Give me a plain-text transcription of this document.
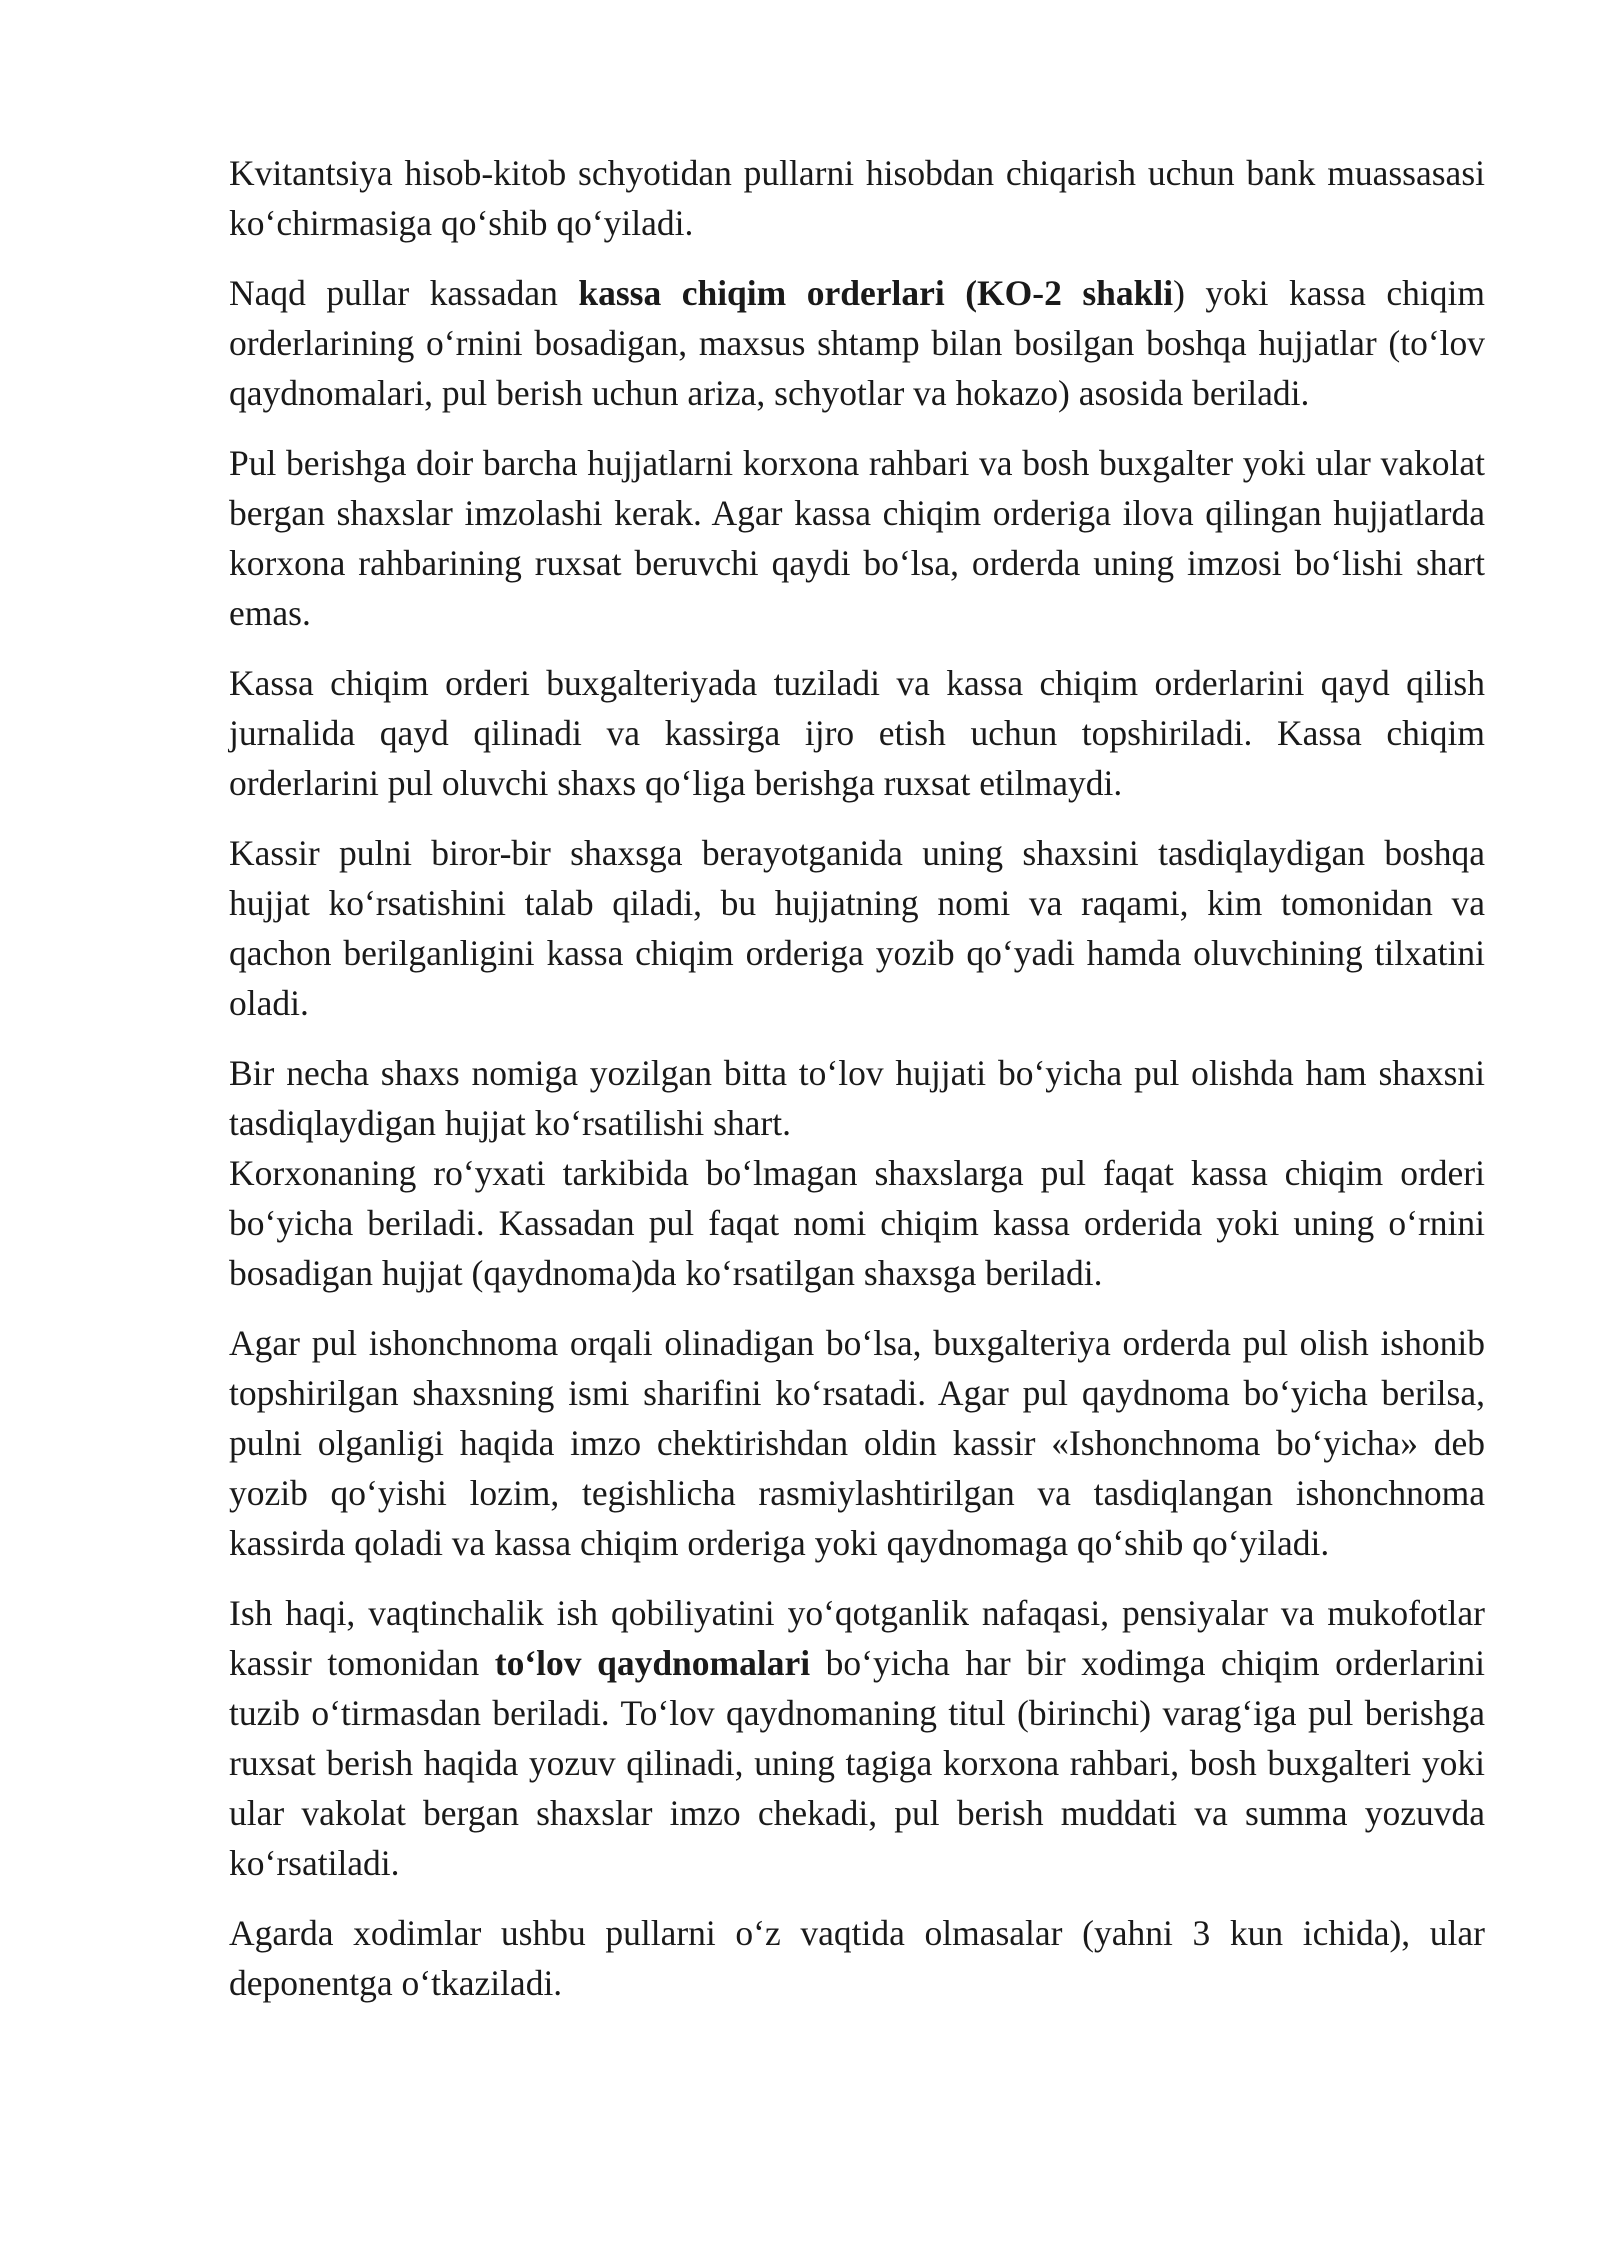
Kvitantsiya hisob-kitob schyotidan pullarni hisobdan chiqarish uchun bank muassasasi ko‘chirmasiga qo‘shib qo‘yiladi.

Naqd pullar kassadan kassa chiqim orderlari (KO-2 shakli) yoki kassa chiqim orderlarining o‘rnini bosadigan, maxsus shtamp bilan bosilgan boshqa hujjatlar (to‘lov qaydnomalari, pul berish uchun ariza, schyotlar va hokazo) asosida beriladi.

Pul berishga doir barcha hujjatlarni korxona rahbari va bosh buxgalter yoki ular vakolat bergan shaxslar imzolashi kerak. Agar kassa chiqim orderiga ilova qilingan hujjatlarda korxona rahbarining ruxsat beruvchi qaydi bo‘lsa, orderda uning imzosi bo‘lishi shart emas.

Kassa chiqim orderi buxgalteriyada tuziladi va kassa chiqim orderlarini qayd qilish jurnalida qayd qilinadi va kassirga ijro etish uchun topshiriladi. Kassa chiqim orderlarini pul oluvchi shaxs qo‘liga berishga ruxsat etilmaydi.

Kassir pulni biror-bir shaxsga berayotganida uning shaxsini tasdiqlaydigan boshqa hujjat ko‘rsatishini talab qiladi, bu hujjatning nomi va raqami, kim tomonidan va qachon berilganligini kassa chiqim orderiga yozib qo‘yadi hamda oluvchining tilxatini oladi.

Bir necha shaxs nomiga yozilgan bitta to‘lov hujjati bo‘yicha pul olishda ham shaxsni tasdiqlaydigan hujjat ko‘rsatilishi shart.

Korxonaning ro‘yxati tarkibida bo‘lmagan shaxslarga pul faqat kassa chiqim orderi bo‘yicha beriladi. Kassadan pul faqat nomi chiqim kassa orderida yoki uning o‘rnini bosadigan hujjat (qaydnoma)da ko‘rsatilgan shaxsga beriladi.

Agar pul ishonchnoma orqali olinadigan bo‘lsa, buxgalteriya orderda pul olish ishonib topshirilgan shaxsning ismi sharifini ko‘rsatadi. Agar pul qaydnoma bo‘yicha berilsa, pulni olganligi haqida imzo chektirishdan oldin kassir «Ishonchnoma bo‘yicha» deb yozib qo‘yishi lozim, tegishlicha rasmiylashtirilgan va tasdiqlangan ishonchnoma kassirda qoladi va kassa chiqim orderiga yoki qaydnomaga qo‘shib qo‘yiladi.

Ish haqi, vaqtinchalik ish qobiliyatini yo‘qotganlik nafaqasi, pensiyalar va mukofotlar kassir tomonidan to‘lov qaydnomalari bo‘yicha har bir xodimga chiqim orderlarini tuzib o‘tirmasdan beriladi. To‘lov qaydnomaning titul (birinchi) varag‘iga pul berishga ruxsat berish haqida yozuv qilinadi, uning tagiga korxona rahbari, bosh buxgalteri yoki ular vakolat bergan shaxslar imzo chekadi, pul berish muddati va summa yozuvda ko‘rsatiladi.

Agarda xodimlar ushbu pullarni o‘z vaqtida olmasalar (yahni 3 kun ichida), ular deponentga o‘tkaziladi.
